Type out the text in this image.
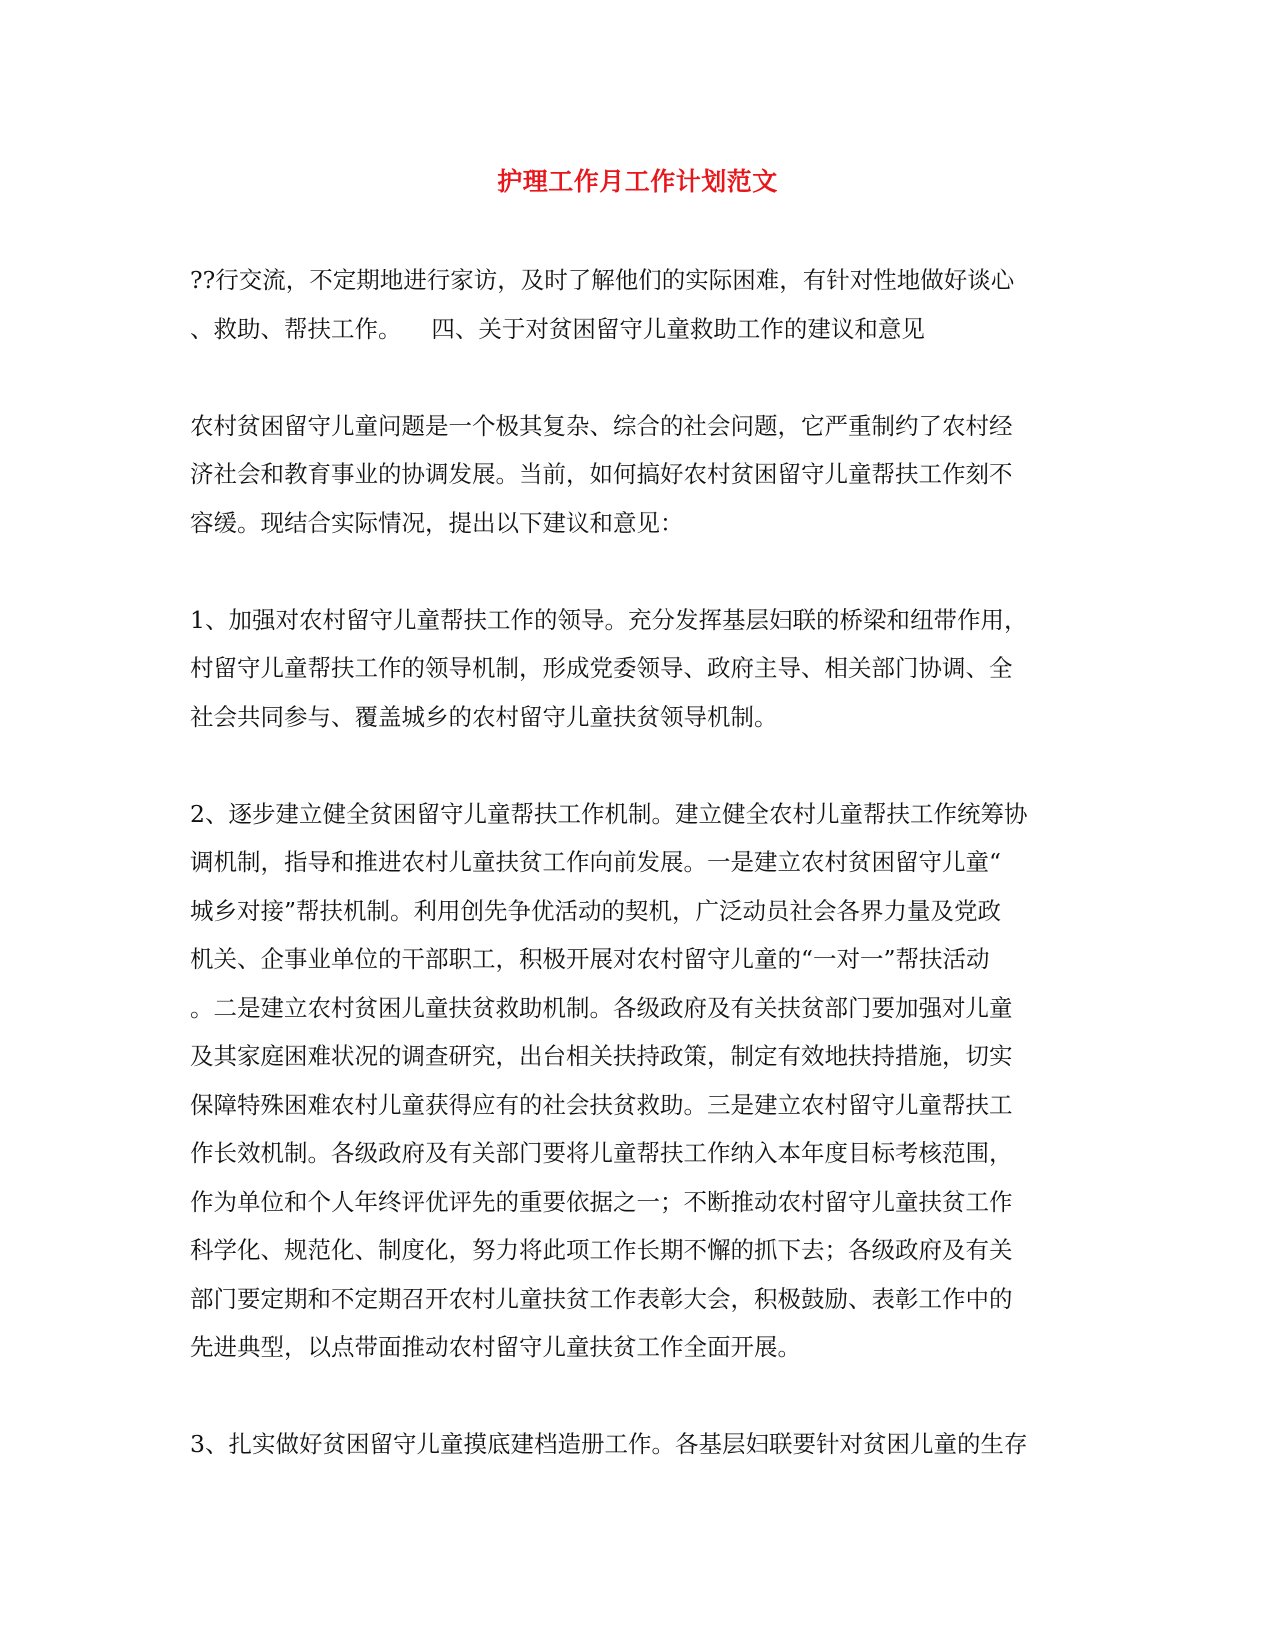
护理工作月工作计划范文
??行交流，不定期地进行家访，及时了解他们的实际困难，有针对性地做好谈心
、救助、帮扶工作。    四、关于对贫困留守儿童救助工作的建议和意见
农村贫困留守儿童问题是一个极其复杂、综合的社会问题，它严重制约了农村经
济社会和教育事业的协调发展。当前，如何搞好农村贫困留守儿童帮扶工作刻不
容缓。现结合实际情况，提出以下建议和意见：
1、加强对农村留守儿童帮扶工作的领导。充分发挥基层妇联的桥梁和纽带作用，
村留守儿童帮扶工作的领导机制，形成党委领导、政府主导、相关部门协调、全
社会共同参与、覆盖城乡的农村留守儿童扶贫领导机制。
2、逐步建立健全贫困留守儿童帮扶工作机制。建立健全农村儿童帮扶工作统筹协
调机制，指导和推进农村儿童扶贫工作向前发展。一是建立农村贫困留守儿童“
城乡对接”帮扶机制。利用创先争优活动的契机，广泛动员社会各界力量及党政
机关、企事业单位的干部职工，积极开展对农村留守儿童的“一对一”帮扶活动
。二是建立农村贫困儿童扶贫救助机制。各级政府及有关扶贫部门要加强对儿童
及其家庭困难状况的调查研究，出台相关扶持政策，制定有效地扶持措施，切实
保障特殊困难农村儿童获得应有的社会扶贫救助。三是建立农村留守儿童帮扶工
作长效机制。各级政府及有关部门要将儿童帮扶工作纳入本年度目标考核范围，
作为单位和个人年终评优评先的重要依据之一；不断推动农村留守儿童扶贫工作
科学化、规范化、制度化，努力将此项工作长期不懈的抓下去；各级政府及有关
部门要定期和不定期召开农村儿童扶贫工作表彰大会，积极鼓励、表彰工作中的
先进典型，以点带面推动农村留守儿童扶贫工作全面开展。
3、扎实做好贫困留守儿童摸底建档造册工作。各基层妇联要针对贫困儿童的生存
